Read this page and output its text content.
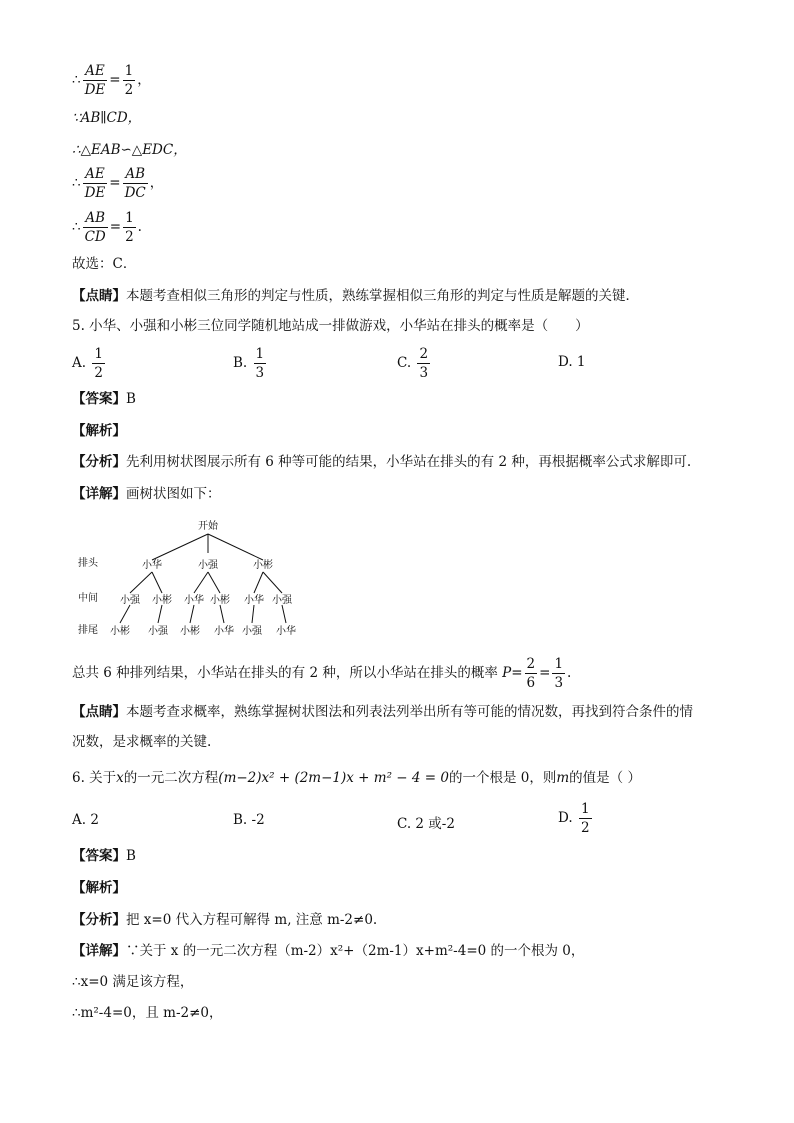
∴ $\frac{AE}{DE} = \frac{1}{2}$ ，
∵AB∥CD，
∴△EAB∽△EDC，
∴ $\frac{AE}{DE} = \frac{AB}{DC}$ ，
∴ $\frac{AB}{CD} = \frac{1}{2}$ .
故选：C．
【点睛】本题考查相似三角形的判定与性质，熟练掌握相似三角形的判定与性质是解题的关键．
5. 小华、小强和小彬三位同学随机地站成一排做游戏，小华站在排头的概率是（　　）
A. $\frac{1}{2}$	B. $\frac{1}{3}$	C. $\frac{2}{3}$	D. 1
【答案】B
【解析】
【分析】先利用树状图展示所有 6 种等可能的结果，小华站在排头的有 2 种，再根据概率公式求解即可.
【详解】画树状图如下：
开始
排头
中间
排尾
小华	小强	小彬
小强 小彬 小华 小彬 小华 小强
小彬 小强 小彬 小华 小强 小华
总共 6 种排列结果，小华站在排头的有 2 种，所以小华站在排头的概率 $P= \frac{2}{6} = \frac{1}{3}$ .
【点睛】本题考查求概率，熟练掌握树状图法和列表法列举出所有等可能的情况数，再找到符合条件的情
况数，是求概率的关键.
6. 关于x的一元二次方程(m−2)x² + (2m−1)x + m² − 4 = 0的一个根是 0，则m的值是（ ）
A. 2	B. -2	C. 2 或-2	D. $\frac{1}{2}$
【答案】B
【解析】
【分析】把 x=0 代入方程可解得 m, 注意 m-2≠0.
【详解】∵关于 x 的一元二次方程（m-2）x²+（2m-1）x+m²-4=0 的一个根为 0，
∴x=0 满足该方程，
∴m²-4=0，且 m-2≠0，
